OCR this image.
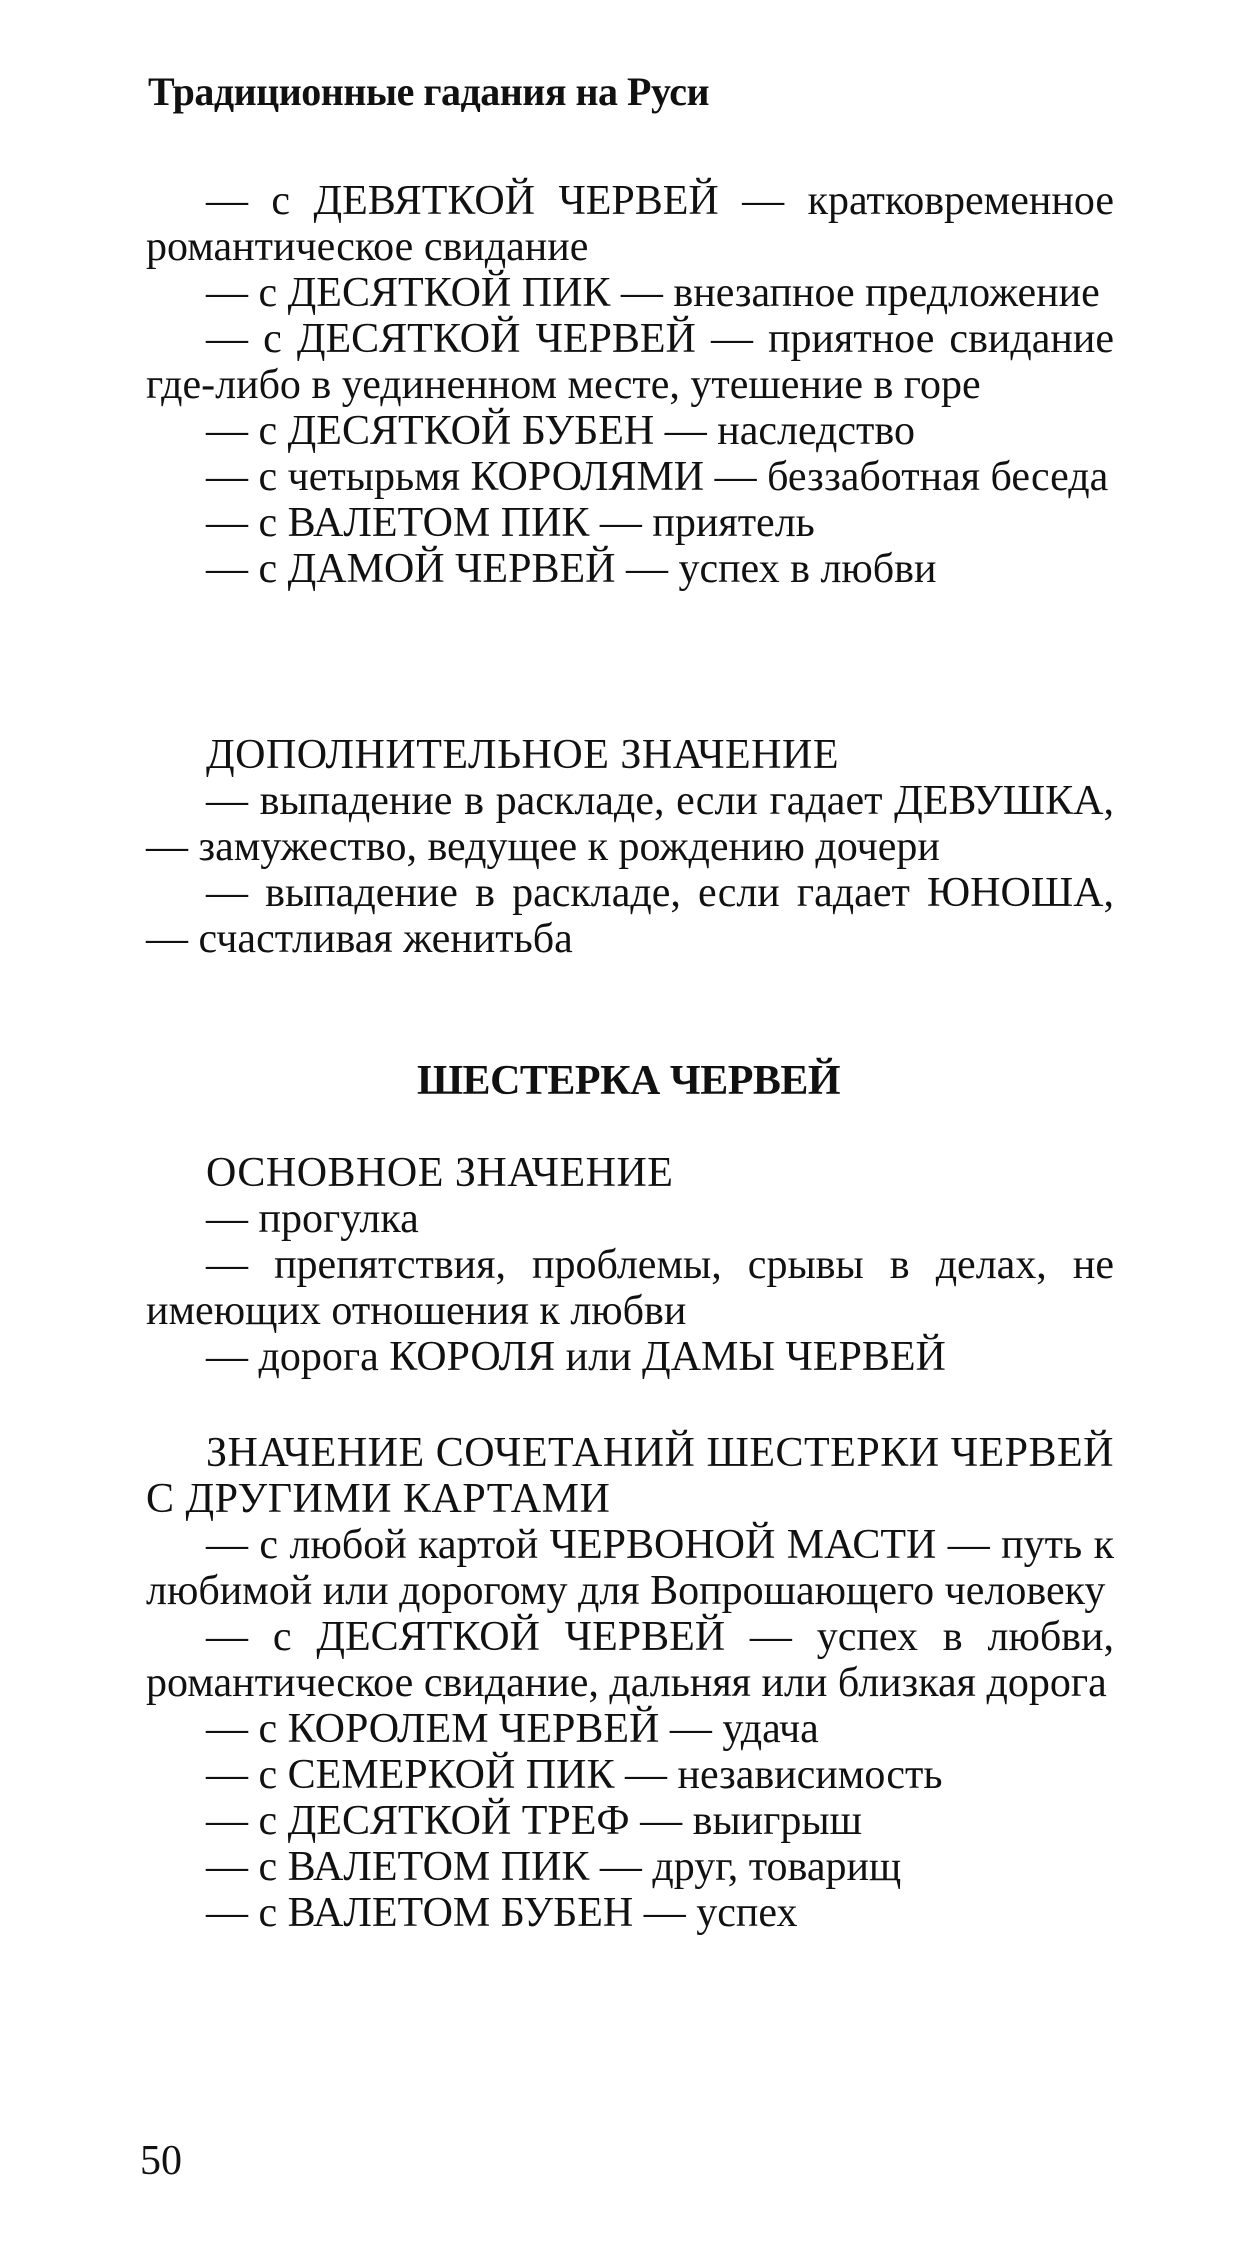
Традиционные гадания на Руси

— с ДЕВЯТКОЙ ЧЕРВЕЙ — кратковременное романтическое свидание

— с ДЕСЯТКОЙ ПИК — внезапное предложение

— с ДЕСЯТКОЙ ЧЕРВЕЙ — приятное свидание где-либо в уединенном месте, утешение в горе

— с ДЕСЯТКОЙ БУБЕН — наследство

— с четырьмя КОРОЛЯМИ — беззаботная беседа

— с ВАЛЕТОМ ПИК — приятель

— с ДАМОЙ ЧЕРВЕЙ — успех в любви

ДОПОЛНИТЕЛЬНОЕ ЗНАЧЕНИЕ

— выпадение в раскладе, если гадает ДЕВУШКА, — замужество, ведущее к рождению дочери

— выпадение в раскладе, если гадает ЮНОША, — счастливая женитьба

ШЕСТЕРКА ЧЕРВЕЙ
ОСНОВНОЕ ЗНАЧЕНИЕ

— прогулка

— препятствия, проблемы, срывы в делах, не имеющих отношения к любви

— дорога КОРОЛЯ или ДАМЫ ЧЕРВЕЙ

ЗНАЧЕНИЕ СОЧЕТАНИЙ ШЕСТЕРКИ ЧЕРВЕЙ С ДРУГИМИ КАРТАМИ

— с любой картой ЧЕРВОНОЙ МАСТИ — путь к любимой или дорогому для Вопрошающего человеку

— с ДЕСЯТКОЙ ЧЕРВЕЙ — успех в любви, романтическое свидание, дальняя или близкая дорога

— с КОРОЛЕМ ЧЕРВЕЙ — удача

— с СЕМЕРКОЙ ПИК — независимость

— с ДЕСЯТКОЙ ТРЕФ — выигрыш

— с ВАЛЕТОМ ПИК — друг, товарищ

— с ВАЛЕТОМ БУБЕН — успех

50
